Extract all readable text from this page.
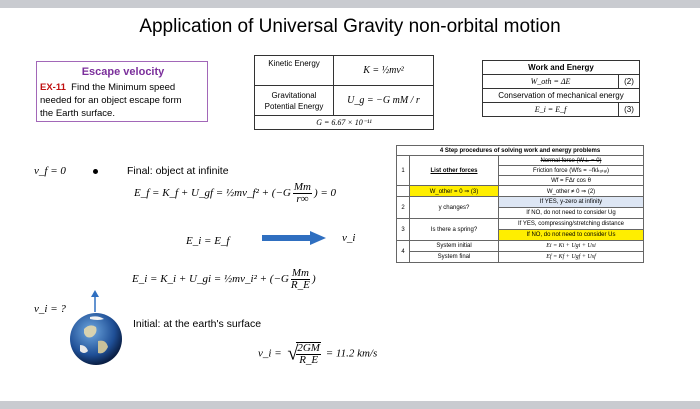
Application of Universal Gravity non-orbital motion
Escape velocity
EX-11 Find the Minimum speed
needed for an object escape form
the Earth surface.
Kinetic Energy	K = ½mv²

Gravitational
Potential Energy	U_g = −G mM / r
G = 6.67 × 10⁻¹¹	
Work and Energy	
W_oth = ΔE	(2)
Conservation of mechanical energy	
E_i = E_f	(3)
4 Step procedures of solving work and energy problems		
1	List other forces	Normal force (W⊥ = 0)
		Friction force (Wfs = −fklₜₒₜₐₗ)
		Wf = FΔr cos θ
	W_other = 0 ⇒ (3)	W_other ≠ 0 ⇒ (2)
2	y changes?	If YES, y-zero at infinity
		If NO, do not need to consider Ug
3	Is there a spring?	If YES, compressing/stretching distance
		If NO, do not need to consider Us
4	System initial	Ei = Ki + Ugi + Usi
	System final	Ef = Kf + Ugf + Usf
v_f = 0	Final: object at infinite
E_f = K_f + U_gf = ½mv_f² + ($-G \frac{Mm}{r\infty}$ ) = 0
E_i = E_f	v_i
E_i = K_i + U_gi = ½mv_i² + ($-G \frac{Mm}{R\_E}$ )
v_i = ?
Initial: at the earth's surface
v_i = √
$\frac{2GM}{R\_E} = 11.2$ km/s
